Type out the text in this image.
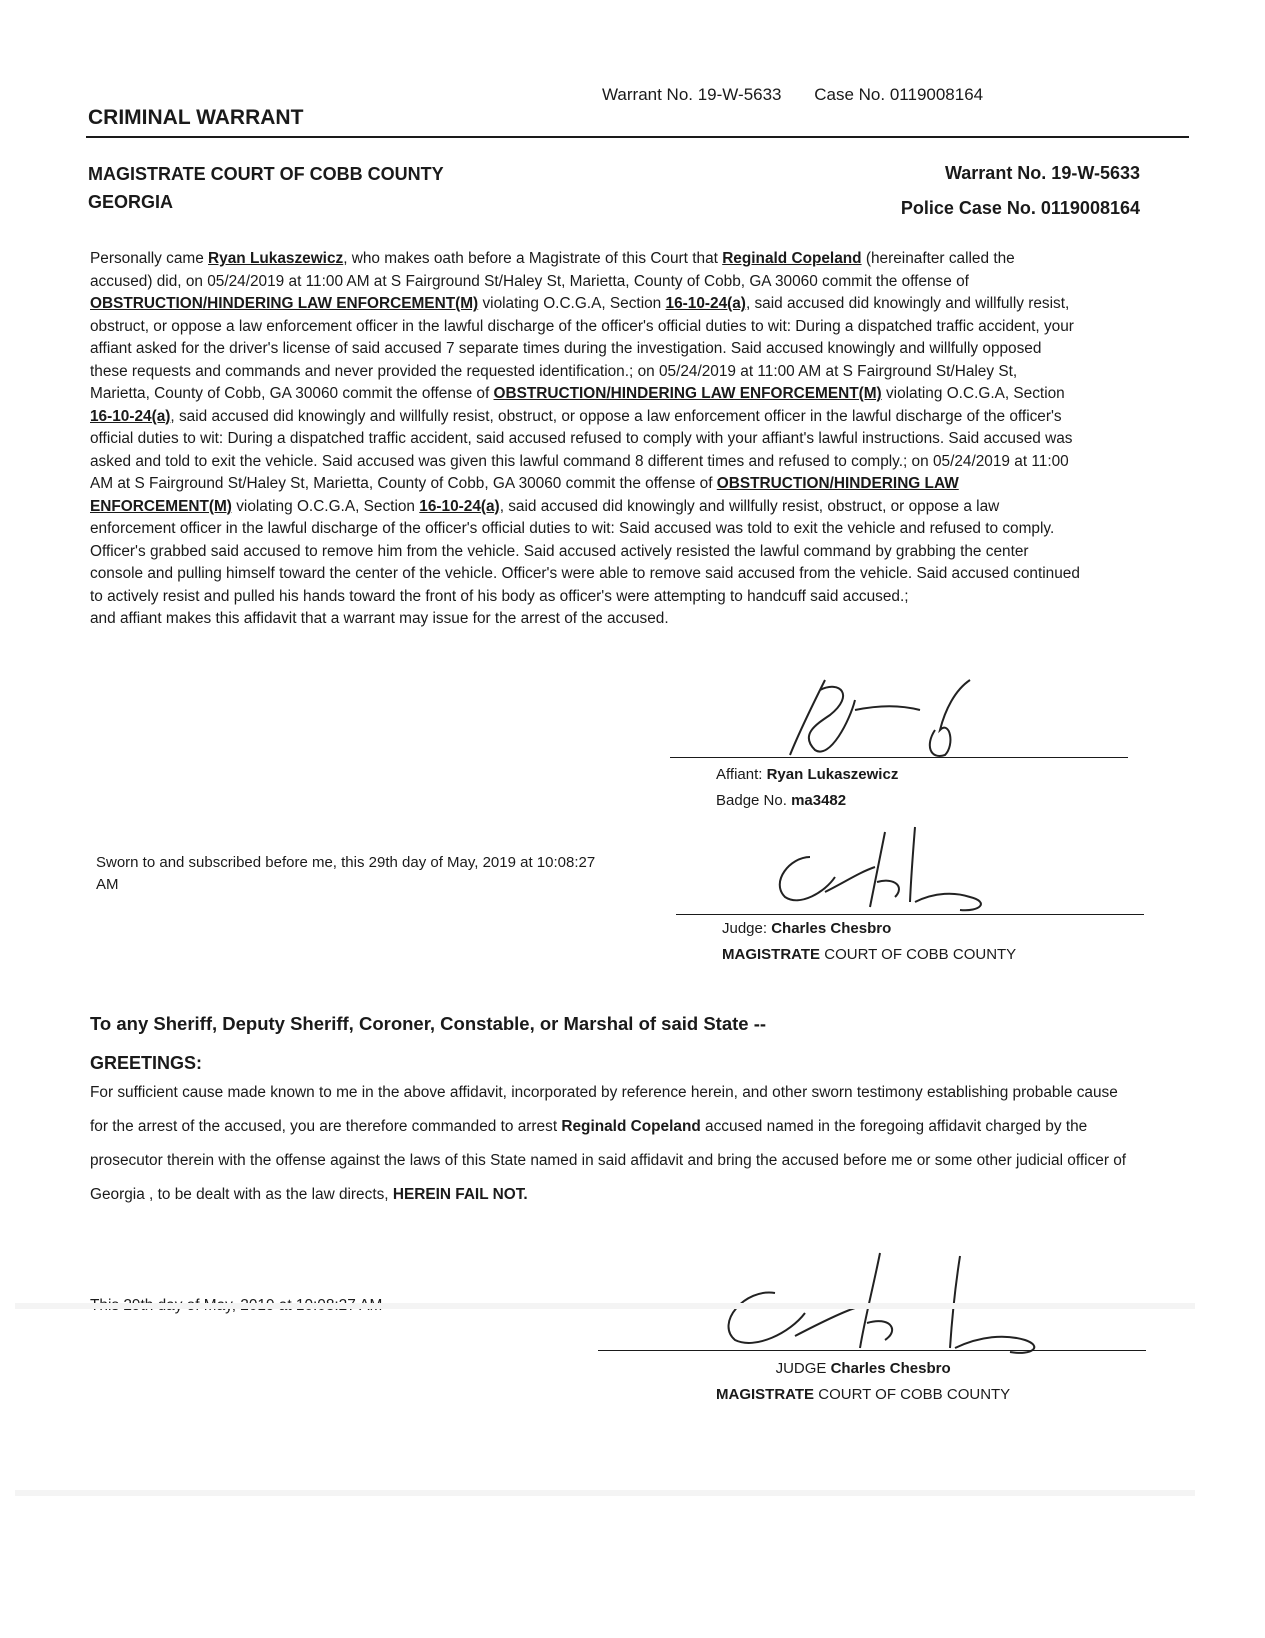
Warrant No. 19-W-5633 Case No. 0119008164
CRIMINAL WARRANT
MAGISTRATE COURT OF COBB COUNTY
GEORGIA
Warrant No. 19-W-5633
Police Case No. 0119008164
Personally came Ryan Lukaszewicz, who makes oath before a Magistrate of this Court that Reginald Copeland (hereinafter called the accused) did, on 05/24/2019 at 11:00 AM at S Fairground St/Haley St, Marietta, County of Cobb, GA 30060 commit the offense of OBSTRUCTION/HINDERING LAW ENFORCEMENT(M) violating O.C.G.A, Section 16-10-24(a), said accused did knowingly and willfully resist, obstruct, or oppose a law enforcement officer in the lawful discharge of the officer's official duties to wit: During a dispatched traffic accident, your affiant asked for the driver's license of said accused 7 separate times during the investigation. Said accused knowingly and willfully opposed these requests and commands and never provided the requested identification.; on 05/24/2019 at 11:00 AM at S Fairground St/Haley St, Marietta, County of Cobb, GA 30060 commit the offense of OBSTRUCTION/HINDERING LAW ENFORCEMENT(M) violating O.C.G.A, Section 16-10-24(a), said accused did knowingly and willfully resist, obstruct, or oppose a law enforcement officer in the lawful discharge of the officer's official duties to wit: During a dispatched traffic accident, said accused refused to comply with your affiant's lawful instructions. Said accused was asked and told to exit the vehicle. Said accused was given this lawful command 8 different times and refused to comply.; on 05/24/2019 at 11:00 AM at S Fairground St/Haley St, Marietta, County of Cobb, GA 30060 commit the offense of OBSTRUCTION/HINDERING LAW ENFORCEMENT(M) violating O.C.G.A, Section 16-10-24(a), said accused did knowingly and willfully resist, obstruct, or oppose a law enforcement officer in the lawful discharge of the officer's official duties to wit: Said accused was told to exit the vehicle and refused to comply. Officer's grabbed said accused to remove him from the vehicle. Said accused actively resisted the lawful command by grabbing the center console and pulling himself toward the center of the vehicle. Officer's were able to remove said accused from the vehicle. Said accused continued to actively resist and pulled his hands toward the front of his body as officer's were attempting to handcuff said accused.;
and affiant makes this affidavit that a warrant may issue for the arrest of the accused.
Affiant: Ryan Lukaszewicz
Badge No. ma3482
Sworn to and subscribed before me, this 29th day of May, 2019 at 10:08:27 AM
Judge: Charles Chesbro
MAGISTRATE COURT OF COBB COUNTY
To any Sheriff, Deputy Sheriff, Coroner, Constable, or Marshal of said State --
GREETINGS:
For sufficient cause made known to me in the above affidavit, incorporated by reference herein, and other sworn testimony establishing probable cause for the arrest of the accused, you are therefore commanded to arrest Reginald Copeland accused named in the foregoing affidavit charged by the prosecutor therein with the offense against the laws of this State named in said affidavit and bring the accused before me or some other judicial officer of Georgia , to be dealt with as the law directs, HEREIN FAIL NOT.
JUDGE Charles Chesbro
MAGISTRATE COURT OF COBB COUNTY
